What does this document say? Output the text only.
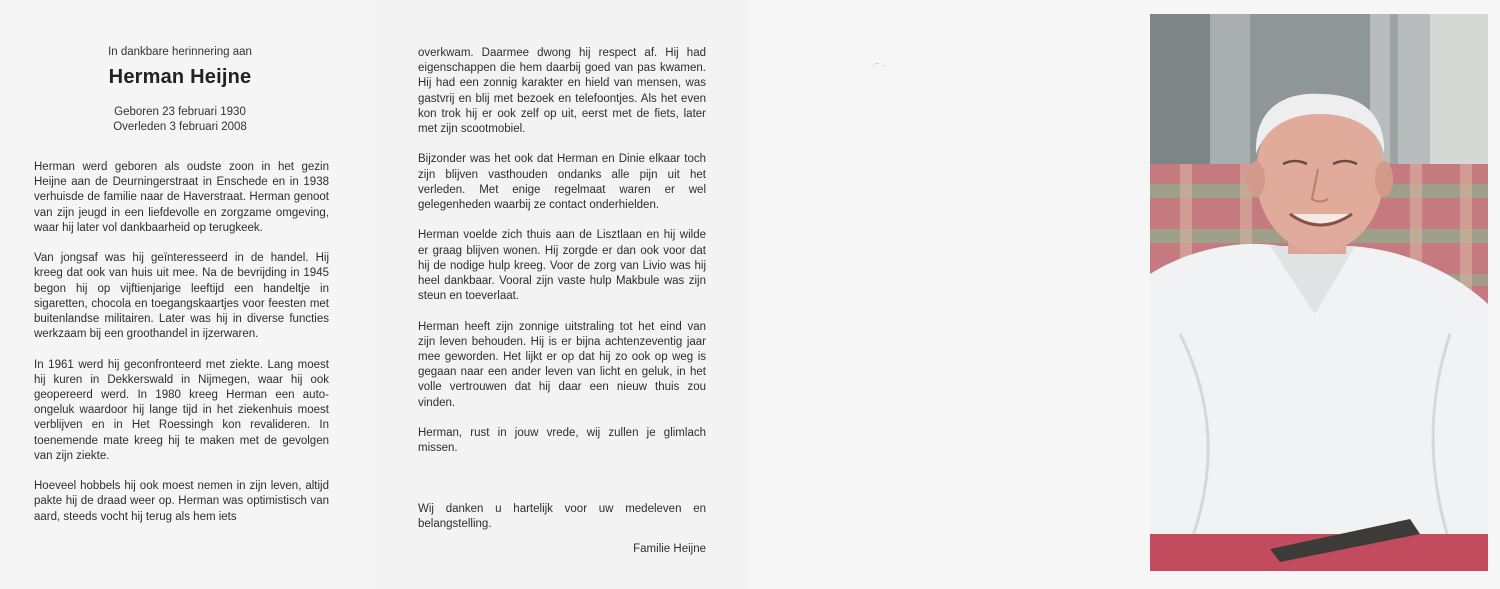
In dankbare herinnering aan
Herman Heijne
Geboren 23 februari 1930
Overleden 3 februari 2008

Herman werd geboren als oudste zoon in het gezin Heijne aan de Deurningerstraat in Enschede en in 1938 verhuisde de familie naar de Haverstraat. Herman genoot van zijn jeugd in een liefdevolle en zorgzame omgeving, waar hij later vol dankbaarheid op terugkeek.

Van jongsaf was hij geïnteresseerd in de handel. Hij kreeg dat ook van huis uit mee. Na de bevrijding in 1945 begon hij op vijftienjarige leeftijd een handeltje in sigaretten, chocola en toegangskaartjes voor feesten met buitenlandse militairen. Later was hij in diverse functies werkzaam bij een groothandel in ijzerwaren.

In 1961 werd hij geconfronteerd met ziekte. Lang moest hij kuren in Dekkerswald in Nijmegen, waar hij ook geopereerd werd. In 1980 kreeg Herman een auto-ongeluk waardoor hij lange tijd in het ziekenhuis moest verblijven en in Het Roessingh kon revalideren. In toenemende mate kreeg hij te maken met de gevolgen van zijn ziekte.

Hoeveel hobbels hij ook moest nemen in zijn leven, altijd pakte hij de draad weer op. Herman was optimistisch van aard, steeds vocht hij terug als hem iets

overkwam. Daarmee dwong hij respect af. Hij had eigenschappen die hem daarbij goed van pas kwamen. Hij had een zonnig karakter en hield van mensen, was gastvrij en blij met bezoek en telefoontjes. Als het even kon trok hij er ook zelf op uit, eerst met de fiets, later met zijn scootmobiel.

Bijzonder was het ook dat Herman en Dinie elkaar toch zijn blijven vasthouden ondanks alle pijn uit het verleden. Met enige regelmaat waren er wel gelegenheden waarbij ze contact onderhielden.

Herman voelde zich thuis aan de Lisztlaan en hij wilde er graag blijven wonen. Hij zorgde er dan ook voor dat hij de nodige hulp kreeg. Voor de zorg van Livio was hij heel dankbaar. Vooral zijn vaste hulp Makbule was zijn steun en toeverlaat.

Herman heeft zijn zonnige uitstraling tot het eind van zijn leven behouden. Hij is er bijna achtenzeventig jaar mee geworden. Het lijkt er op dat hij zo ook op weg is gegaan naar een ander leven van licht en geluk, in het volle vertrouwen dat hij daar een nieuw thuis zou vinden.

Herman, rust in jouw vrede, wij zullen je glimlach missen.

Wij danken u hartelijk voor uw medeleven en belangstelling.

Familie Heijne
·⁻ ·
